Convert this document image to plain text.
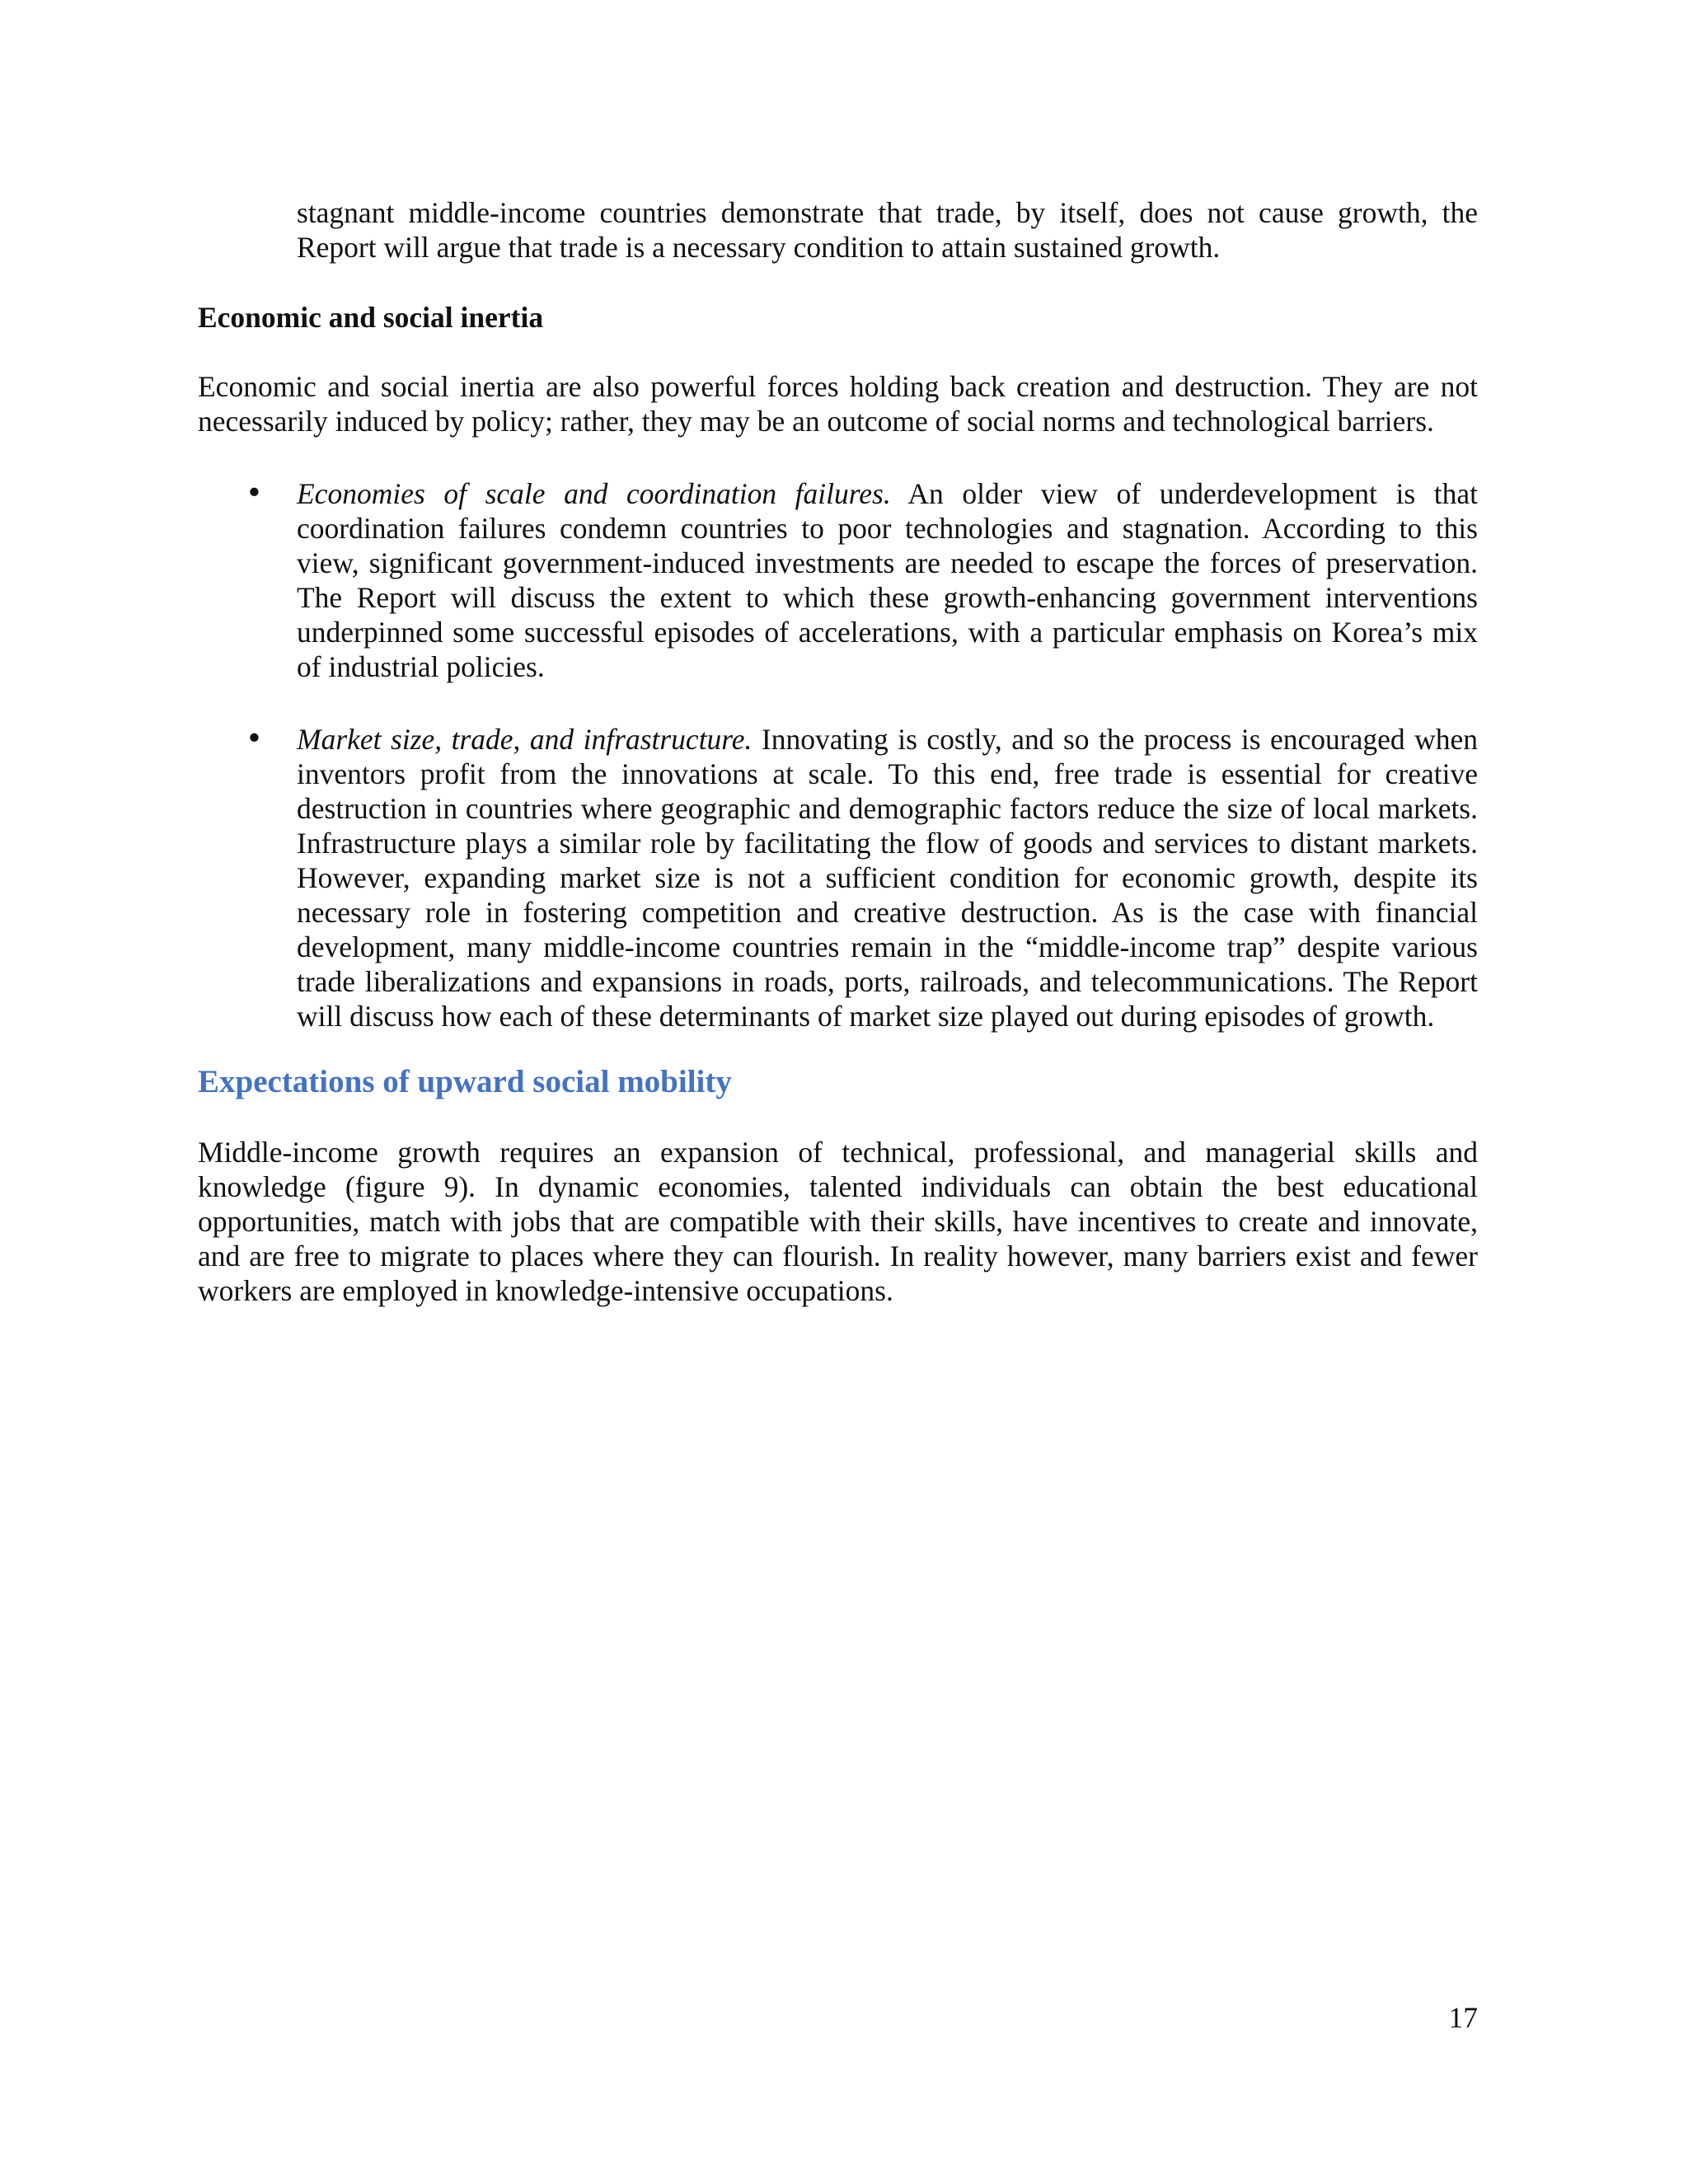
stagnant middle-income countries demonstrate that trade, by itself, does not cause growth, the Report will argue that trade is a necessary condition to attain sustained growth.

Economic and social inertia

Economic and social inertia are also powerful forces holding back creation and destruction. They are not necessarily induced by policy; rather, they may be an outcome of social norms and technological barriers.

• Economies of scale and coordination failures. An older view of underdevelopment is that coordination failures condemn countries to poor technologies and stagnation. According to this view, significant government-induced investments are needed to escape the forces of preservation. The Report will discuss the extent to which these growth-enhancing government interventions underpinned some successful episodes of accelerations, with a particular emphasis on Korea’s mix of industrial policies.

• Market size, trade, and infrastructure. Innovating is costly, and so the process is encouraged when inventors profit from the innovations at scale. To this end, free trade is essential for creative destruction in countries where geographic and demographic factors reduce the size of local markets. Infrastructure plays a similar role by facilitating the flow of goods and services to distant markets. However, expanding market size is not a sufficient condition for economic growth, despite its necessary role in fostering competition and creative destruction. As is the case with financial development, many middle-income countries remain in the “middle-income trap” despite various trade liberalizations and expansions in roads, ports, railroads, and telecommunications. The Report will discuss how each of these determinants of market size played out during episodes of growth.

Expectations of upward social mobility

Middle-income growth requires an expansion of technical, professional, and managerial skills and knowledge (figure 9). In dynamic economies, talented individuals can obtain the best educational opportunities, match with jobs that are compatible with their skills, have incentives to create and innovate, and are free to migrate to places where they can flourish. In reality however, many barriers exist and fewer workers are employed in knowledge-intensive occupations.

17
